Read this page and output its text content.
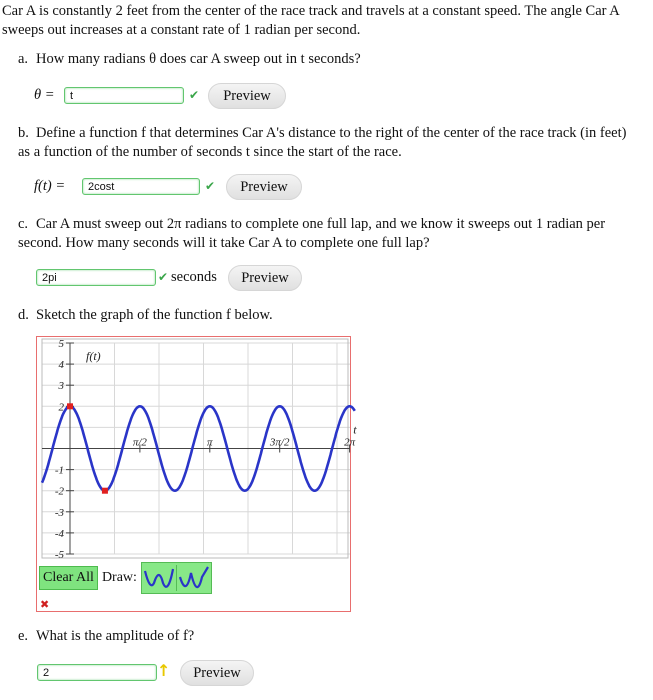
Car A is constantly 2 feet from the center of the race track and travels at a constant speed. The angle Car A sweeps out increases at a constant rate of 1 radian per second.
a. How many radians θ does car A sweep out in t seconds?
θ =	t	✔	Preview
b. Define a function f that determines Car A's distance to the right of the center of the race track (in feet) as a function of the number of seconds t since the start of the race.
f(t) =	2cost	✔	Preview
c. Car A must sweep out 2π radians to complete one full lap, and we know it sweeps out 1 radian per second. How many seconds will it take Car A to complete one full lap?
2pi	✔ seconds	Preview
d. Sketch the graph of the function f below.
5
4
3
2
-1
-2
-3
-4
-5
π/2	π	3π/2	2π
f(t)
t
Clear All Draw:
✖
e. What is the amplitude of f?
2	↑	Preview
